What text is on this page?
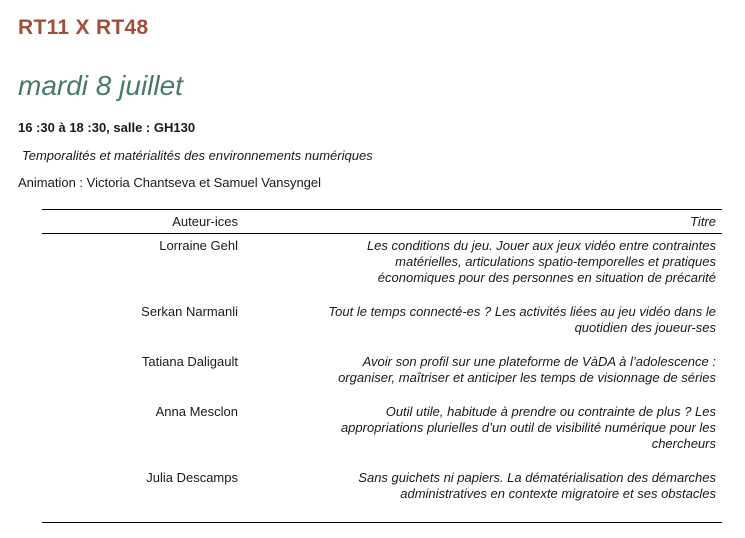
RT11 X RT48
mardi 8 juillet
16 :30 à 18 :30, salle : GH130
Temporalités et matérialités des environnements numériques
Animation : Victoria Chantseva et Samuel Vansyngel
Auteur-ices	Titre
Lorraine Gehl	Les conditions du jeu. Jouer aux jeux vidéo entre contraintes
matérielles, articulations spatio-temporelles et pratiques
économiques pour des personnes en situation de précarité

Serkan Narmanli	Tout le temps connecté-es ? Les activités liées au jeu vidéo dans le
quotidien des joueur-ses

Tatiana Daligault	Avoir son profil sur une plateforme de VàDA à l’adolescence :
organiser, maîtriser et anticiper les temps de visionnage de séries

Anna Mesclon	Outil utile, habitude à prendre ou contrainte de plus ? Les
appropriations plurielles d’un outil de visibilité numérique pour les
chercheurs

Julia Descamps	Sans guichets ni papiers. La dématérialisation des démarches
administratives en contexte migratoire et ses obstacles
